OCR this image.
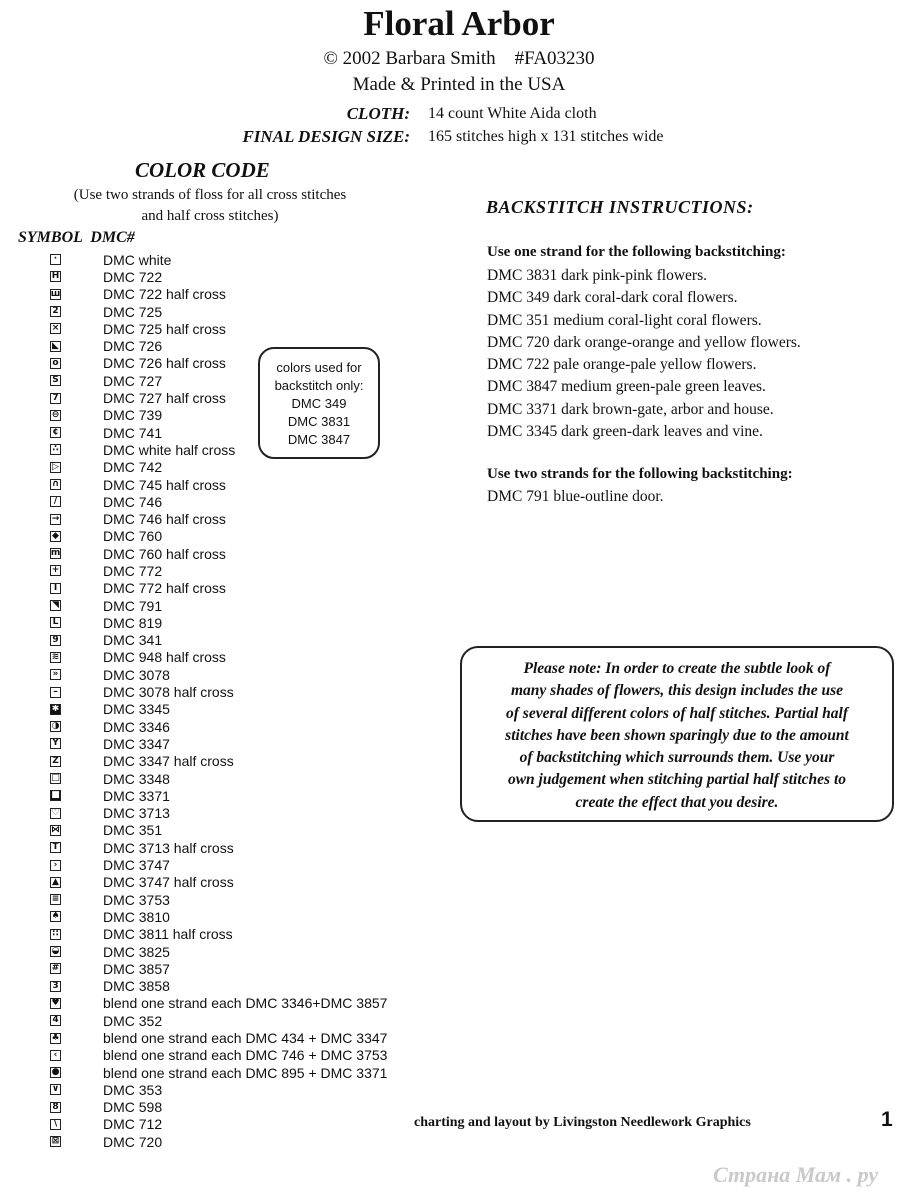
Floral Arbor
© 2002 Barbara Smith    #FA03230
Made & Printed in the USA
CLOTH: 14 count White Aida cloth
FINAL DESIGN SIZE: 165 stitches high x 131 stitches wide
COLOR CODE
(Use two strands of floss for all cross stitches
and half cross stitches)
SYMBOL  DMC#
·	DMC white
H	DMC 722
ш	DMC 722 half cross
2	DMC 725
×	DMC 725 half cross
◣	DMC 726
o	DMC 726 half cross
S	DMC 727
7	DMC 727 half cross
⊖	DMC 739
¢	DMC 741
∴	DMC white half cross
▷	DMC 742
∩	DMC 745 half cross
∕	DMC 746
→	DMC 746 half cross
◆	DMC 760
m	DMC 760 half cross
+	DMC 772
I	DMC 772 half cross
◥	DMC 791
L	DMC 819
9	DMC 341
≋	DMC 948 half cross
»	DMC 3078
–	DMC 3078 half cross
✱	DMC 3345
◑	DMC 3346
Y	DMC 3347
Z	DMC 3347 half cross
□	DMC 3348
■	DMC 3371
♡	DMC 3713
⋈	DMC 351
T	DMC 3713 half cross
›	DMC 3747
▲	DMC 3747 half cross
≡	DMC 3753
♠	DMC 3810
∷	DMC 3811 half cross
◒	DMC 3825
#	DMC 3857
3	DMC 3858
♥	blend one strand each DMC 3346+DMC 3857
4	DMC 352
♣	blend one strand each DMC 434 + DMC 3347
‹	blend one strand each DMC 746 + DMC 3753
●	blend one strand each DMC 895 + DMC 3371
∨	DMC 353
8	DMC 598
∖	DMC 712
⊠	DMC 720
colors used for
backstitch only:
DMC 349
DMC 3831
DMC 3847
BACKSTITCH INSTRUCTIONS:
Use one strand for the following backstitching:
DMC 3831 dark pink-pink flowers.
DMC 349 dark coral-dark coral flowers.
DMC 351 medium coral-light coral flowers.
DMC 720 dark orange-orange and yellow flowers.
DMC 722 pale orange-pale yellow flowers.
DMC 3847 medium green-pale green leaves.
DMC 3371 dark brown-gate, arbor and house.
DMC 3345 dark green-dark leaves and vine.
Use two strands for the following backstitching:
DMC 791 blue-outline door.
Please note: In order to create the subtle look of
many shades of flowers, this design includes the use
of several different colors of half stitches. Partial half
stitches have been shown sparingly due to the amount
of backstitching which surrounds them. Use your
own judgement when stitching partial half stitches to
create the effect that you desire.
charting and layout by Livingston Needlework Graphics	1
Страна Мам . ру
